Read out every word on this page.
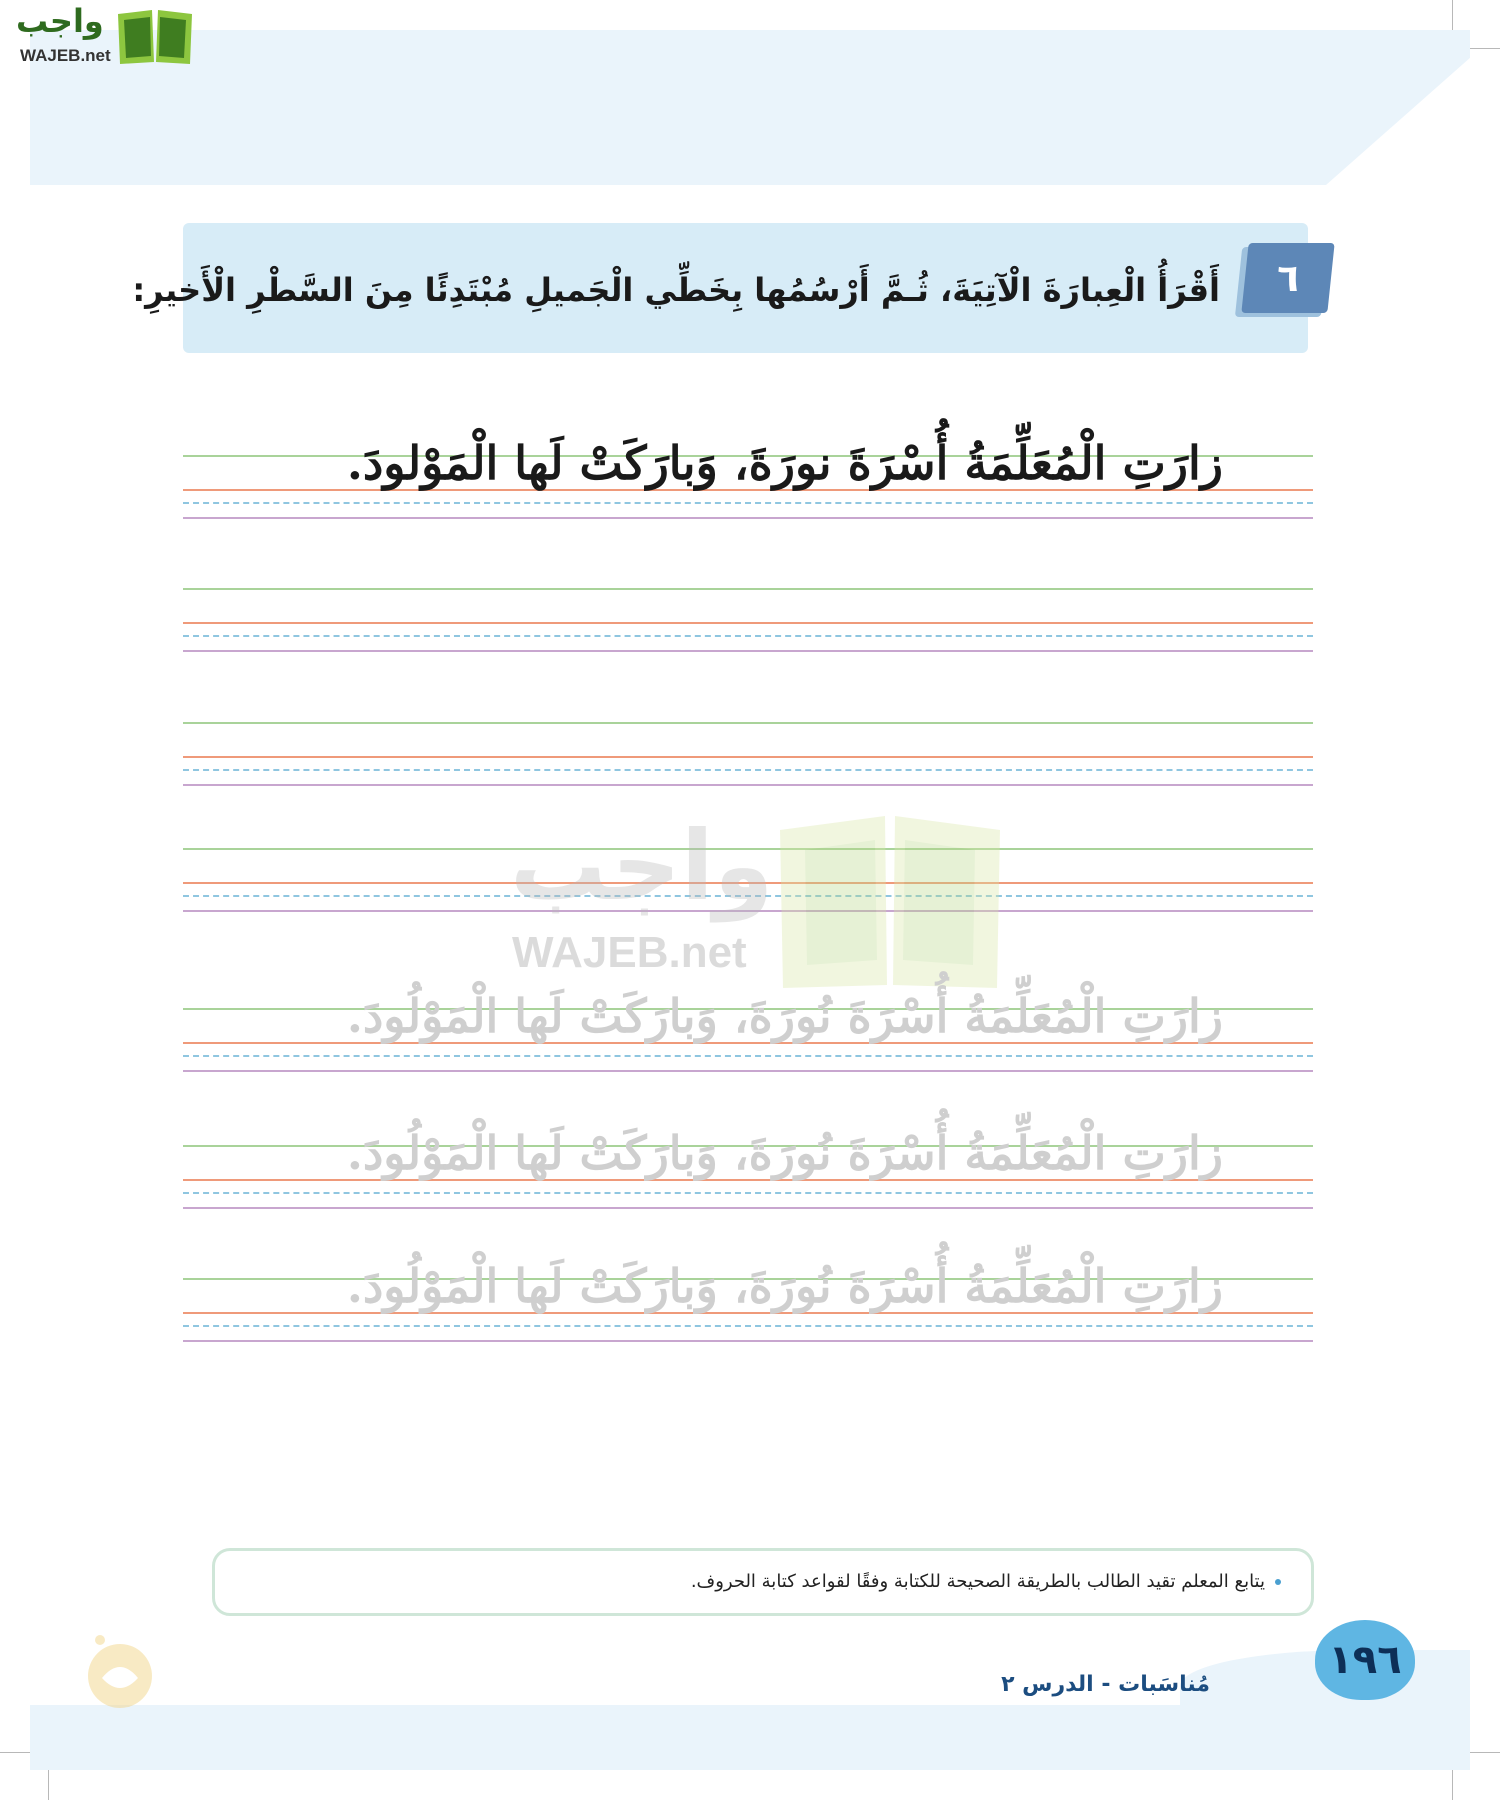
واجب
WAJEB.net
٦
أَقْرَأُ الْعِبارَةَ الْآتِيَةَ، ثُـمَّ أَرْسُمُها بِخَطِّي الْجَميلِ مُبْتَدِئًا مِنَ السَّطْرِ الْأَخيرِ:
زارَتِ الْمُعَلِّمَةُ أُسْرَةَ نورَةَ، وَبارَكَتْ لَها الْمَوْلودَ.
واجب
WAJEB.net
زارَتِ الْمُعَلِّمَةُ أُسْرَةَ نُورَةَ، وَبارَكَتْ لَها الْمَوْلُودَ.
زارَتِ الْمُعَلِّمَةُ أُسْرَةَ نُورَةَ، وَبارَكَتْ لَها الْمَوْلُودَ.
زارَتِ الْمُعَلِّمَةُ أُسْرَةَ نُورَةَ، وَبارَكَتْ لَها الْمَوْلُودَ.
يتابع المعلم تقيد الطالب بالطريقة الصحيحة للكتابة وفقًا لقواعد كتابة الحروف.
مُناسَبات - الدرس ٢
١٩٦
